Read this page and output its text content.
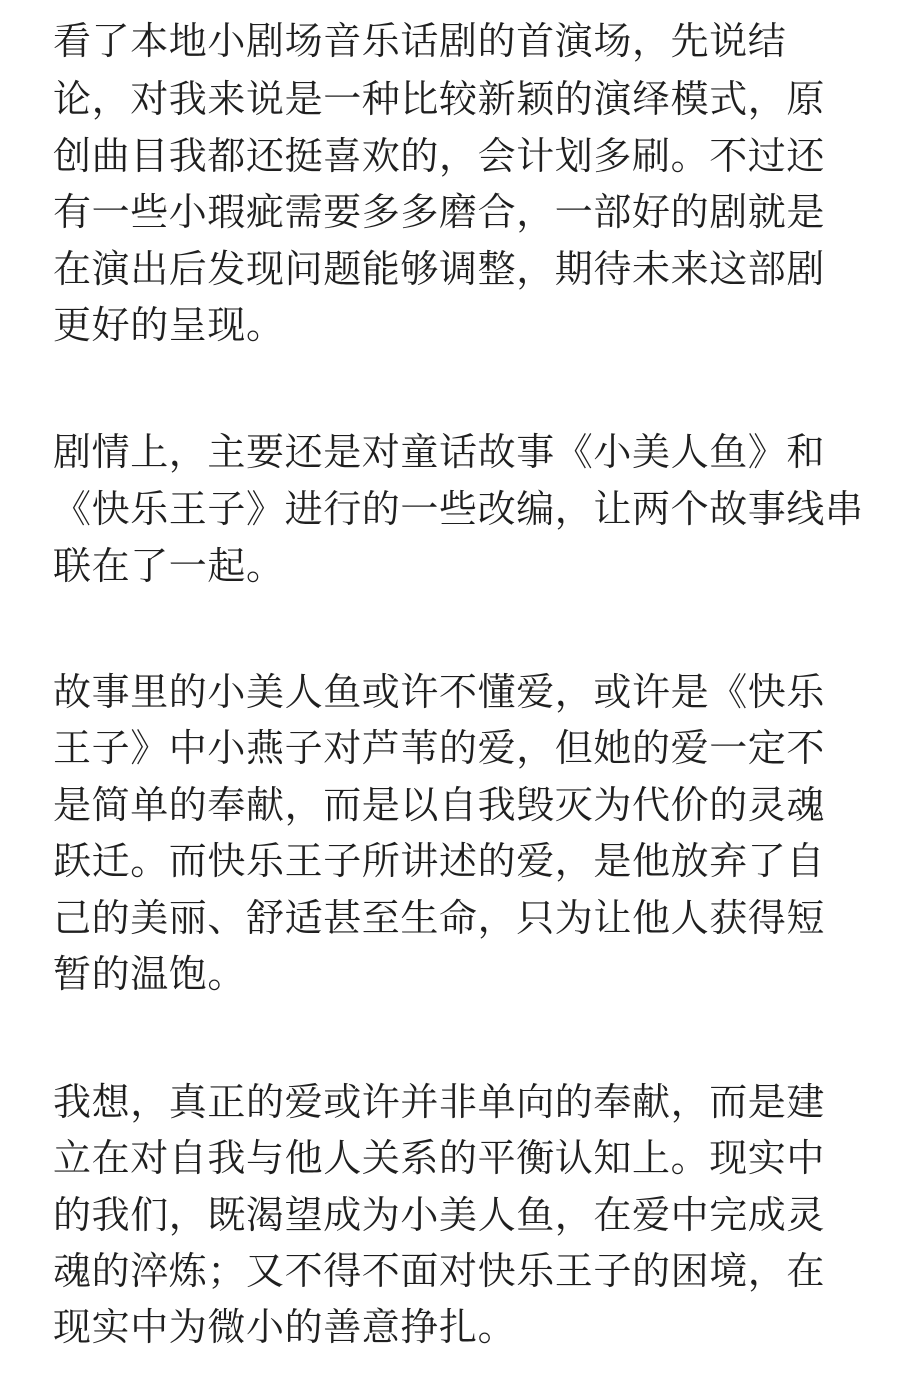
看了本地小剧场音乐话剧的首演场，先说结
论，对我来说是一种比较新颖的演绎模式，原
创曲目我都还挺喜欢的，会计划多刷。不过还
有一些小瑕疵需要多多磨合，一部好的剧就是
在演出后发现问题能够调整，期待未来这部剧
更好的呈现。
剧情上，主要还是对童话故事《小美人鱼》和
《快乐王子》进行的一些改编，让两个故事线串
联在了一起。
故事里的小美人鱼或许不懂爱，或许是《快乐
王子》中小燕子对芦苇的爱，但她的爱一定不
是简单的奉献，而是以自我毁灭为代价的灵魂
跃迁。而快乐王子所讲述的爱，是他放弃了自
己的美丽、舒适甚至生命，只为让他人获得短
暂的温饱。
我想，真正的爱或许并非单向的奉献，而是建
立在对自我与他人关系的平衡认知上。现实中
的我们，既渴望成为小美人鱼，在爱中完成灵
魂的淬炼；又不得不面对快乐王子的困境，在
现实中为微小的善意挣扎。
